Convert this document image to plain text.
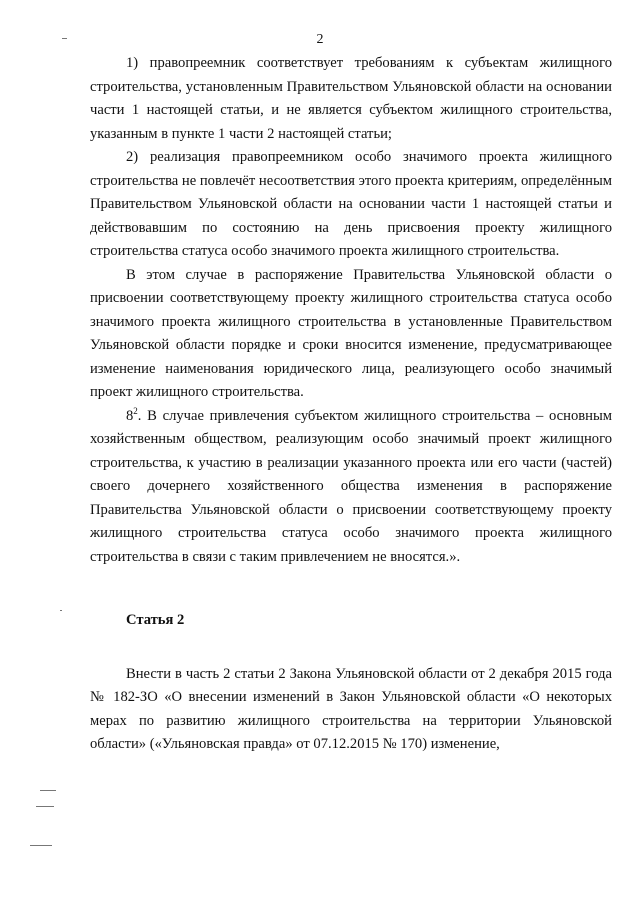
2

1) правопреемник соответствует требованиям к субъектам жилищного строительства, установленным Правительством Ульяновской области на основании части 1 настоящей статьи, и не является субъектом жилищного строительства, указанным в пункте 1 части 2 настоящей статьи;

2) реализация правопреемником особо значимого проекта жилищного строительства не повлечёт несоответствия этого проекта критериям, определённым Правительством Ульяновской области на основании части 1 настоящей статьи и действовавшим по состоянию на день присвоения проекту жилищного строительства статуса особо значимого проекта жилищного строительства.

В этом случае в распоряжение Правительства Ульяновской области о присвоении соответствующему проекту жилищного строительства статуса особо значимого проекта жилищного строительства в установленные Правительством Ульяновской области порядке и сроки вносится изменение, предусматривающее изменение наименования юридического лица, реализующего особо значимый проект жилищного строительства.

$8^2$. В случае привлечения субъектом жилищного строительства – основным хозяйственным обществом, реализующим особо значимый проект жилищного строительства, к участию в реализации указанного проекта или его части (частей) своего дочернего хозяйственного общества изменения в распоряжение Правительства Ульяновской области о присвоении соответствующему проекту жилищного строительства статуса особо значимого проекта жилищного строительства в связи с таким привлечением не вносятся.».

Статья 2

Внести в часть 2 статьи 2 Закона Ульяновской области от 2 декабря 2015 года № 182-ЗО «О внесении изменений в Закон Ульяновской области «О некоторых мерах по развитию жилищного строительства на территории Ульяновской области» («Ульяновская правда» от 07.12.2015 № 170) изменение,
